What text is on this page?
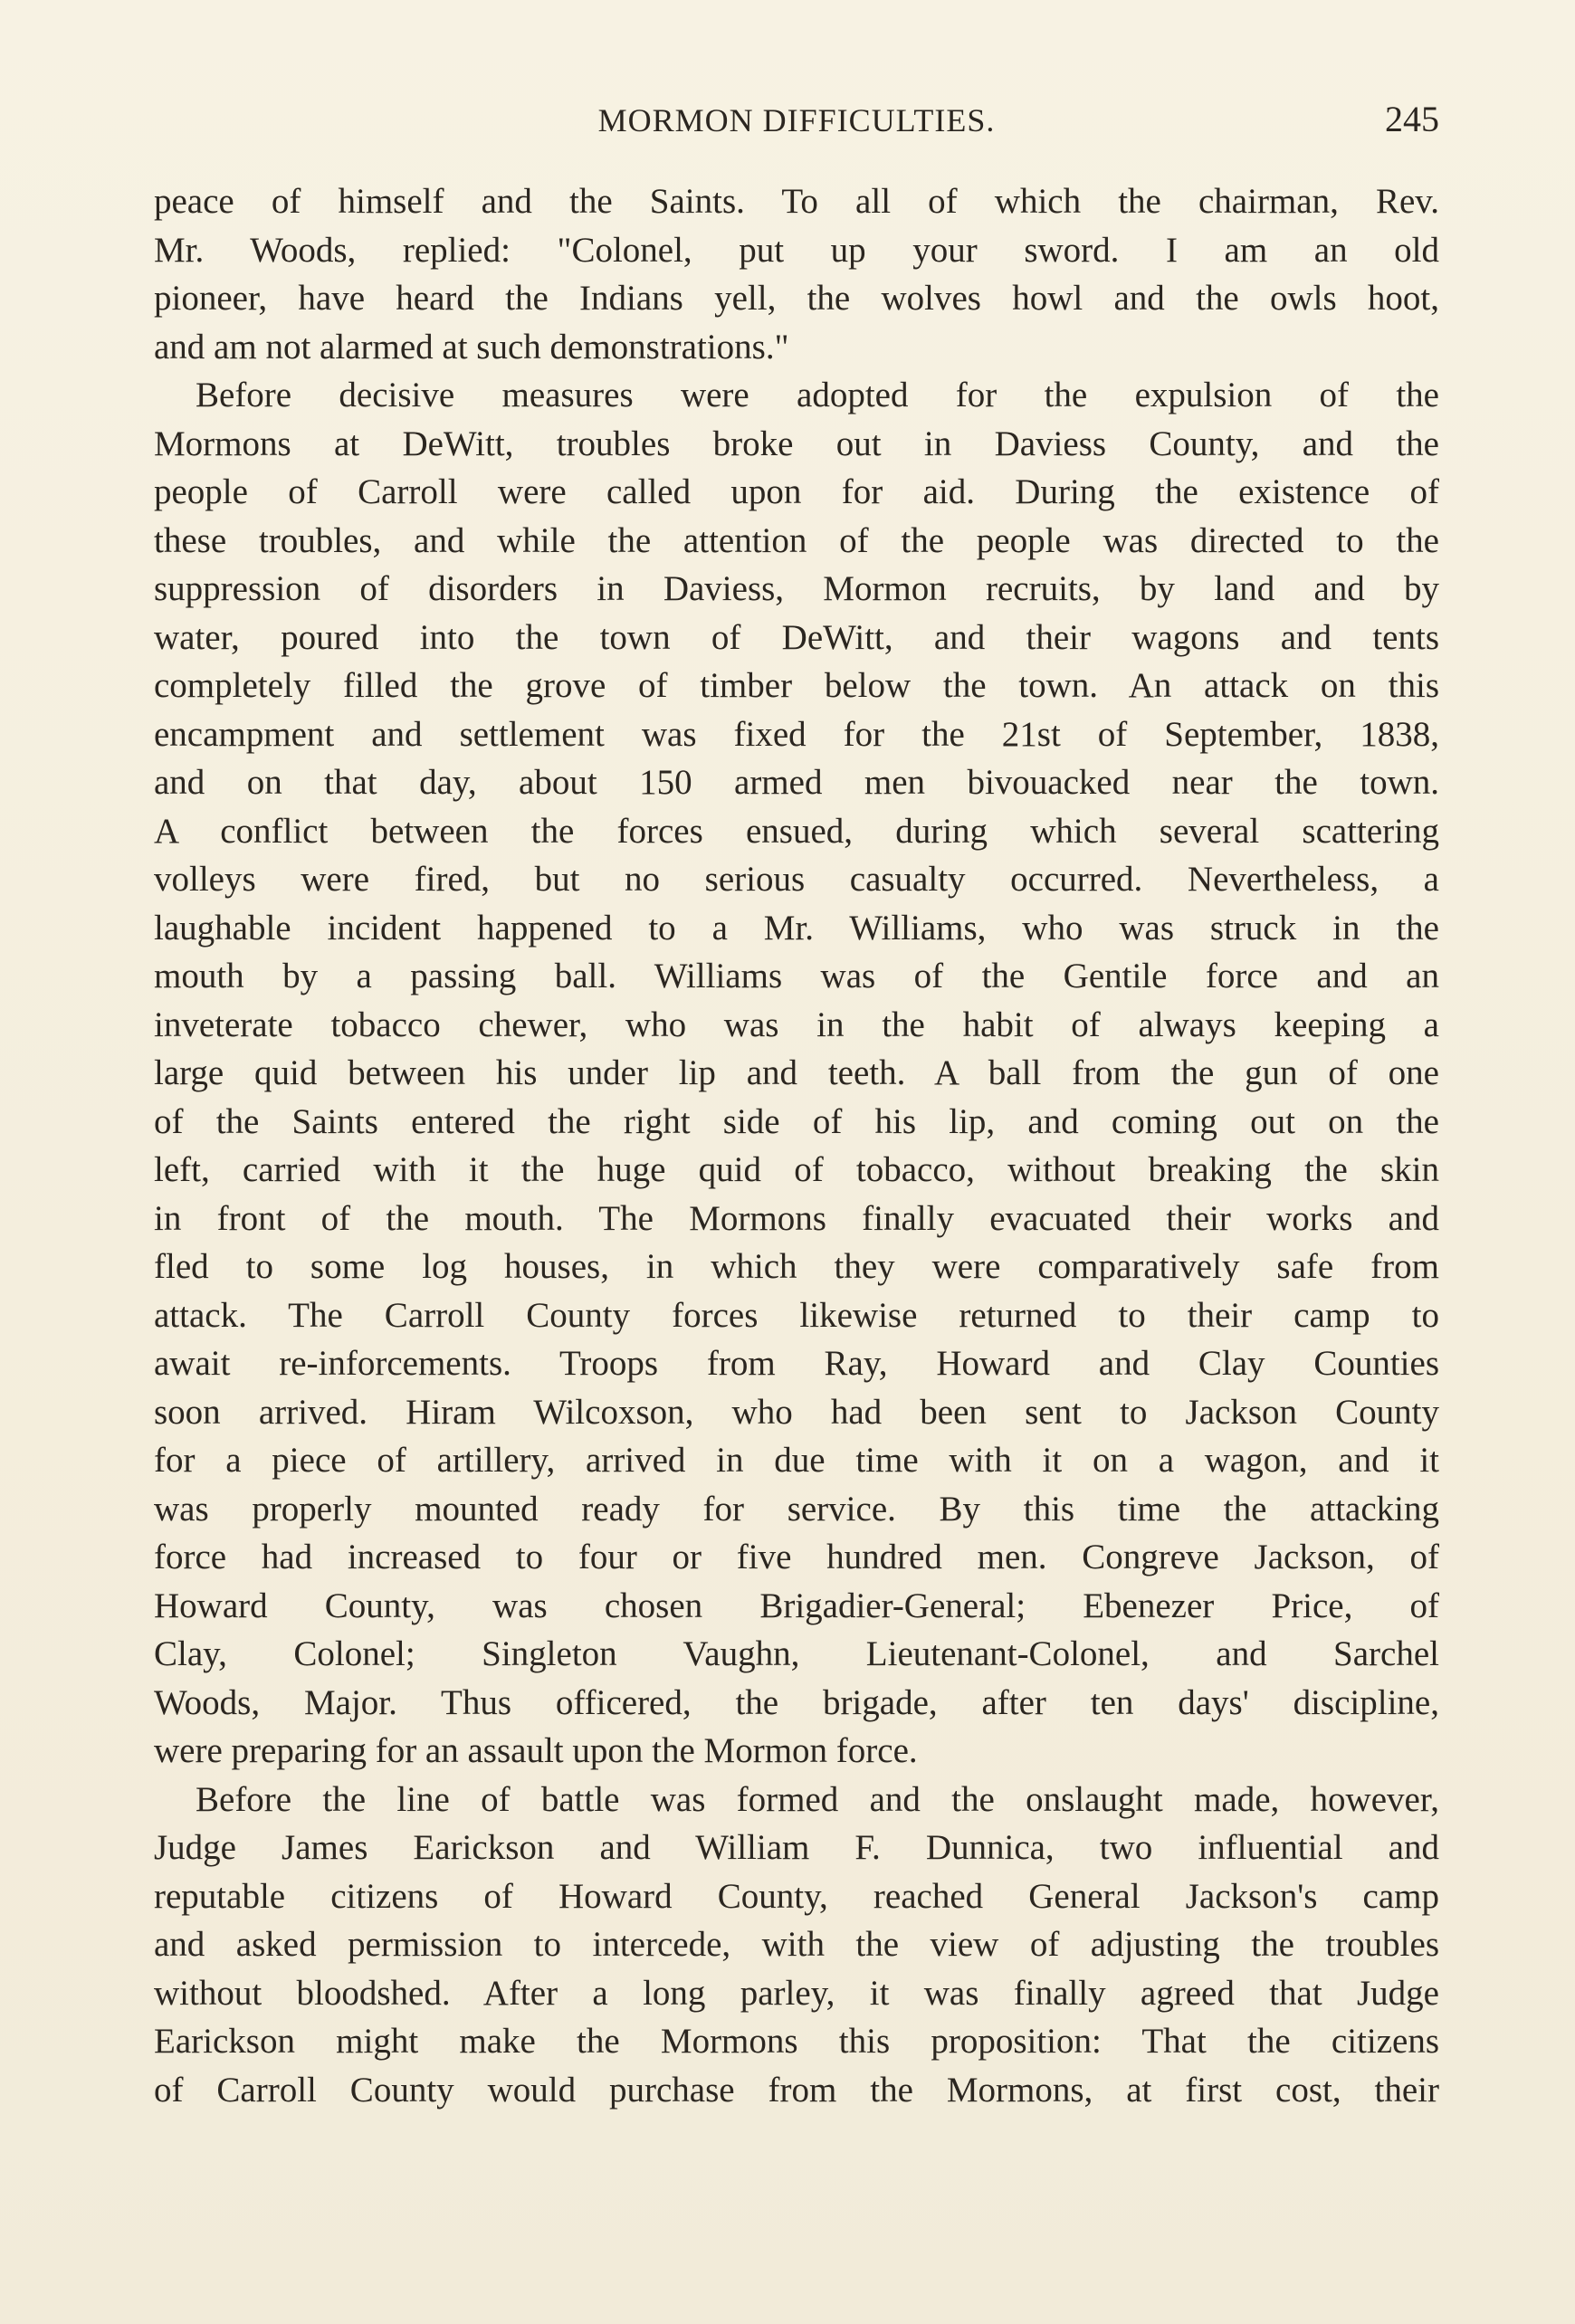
MORMON DIFFICULTIES.	245
peace of himself and the Saints. To all of which the chairman, Rev.
Mr. Woods, replied: "Colonel, put up your sword. I am an old
pioneer, have heard the Indians yell, the wolves howl and the owls hoot,
and am not alarmed at such demonstrations."
Before decisive measures were adopted for the expulsion of the
Mormons at DeWitt, troubles broke out in Daviess County, and the
people of Carroll were called upon for aid. During the existence of
these troubles, and while the attention of the people was directed to the
suppression of disorders in Daviess, Mormon recruits, by land and by
water, poured into the town of DeWitt, and their wagons and tents
completely filled the grove of timber below the town. An attack on this
encampment and settlement was fixed for the 21st of September, 1838,
and on that day, about 150 armed men bivouacked near the town.
A conflict between the forces ensued, during which several scattering
volleys were fired, but no serious casualty occurred. Nevertheless, a
laughable incident happened to a Mr. Williams, who was struck in the
mouth by a passing ball. Williams was of the Gentile force and an
inveterate tobacco chewer, who was in the habit of always keeping a
large quid between his under lip and teeth. A ball from the gun of one
of the Saints entered the right side of his lip, and coming out on the
left, carried with it the huge quid of tobacco, without breaking the skin
in front of the mouth. The Mormons finally evacuated their works and
fled to some log houses, in which they were comparatively safe from
attack. The Carroll County forces likewise returned to their camp to
await re-inforcements. Troops from Ray, Howard and Clay Counties
soon arrived. Hiram Wilcoxson, who had been sent to Jackson County
for a piece of artillery, arrived in due time with it on a wagon, and it
was properly mounted ready for service. By this time the attacking
force had increased to four or five hundred men. Congreve Jackson, of
Howard County, was chosen Brigadier-General; Ebenezer Price, of
Clay, Colonel; Singleton Vaughn, Lieutenant-Colonel, and Sarchel
Woods, Major. Thus officered, the brigade, after ten days' discipline,
were preparing for an assault upon the Mormon force.
Before the line of battle was formed and the onslaught made, however,
Judge James Earickson and William F. Dunnica, two influential and
reputable citizens of Howard County, reached General Jackson's camp
and asked permission to intercede, with the view of adjusting the troubles
without bloodshed. After a long parley, it was finally agreed that Judge
Earickson might make the Mormons this proposition: That the citizens
of Carroll County would purchase from the Mormons, at first cost, their
